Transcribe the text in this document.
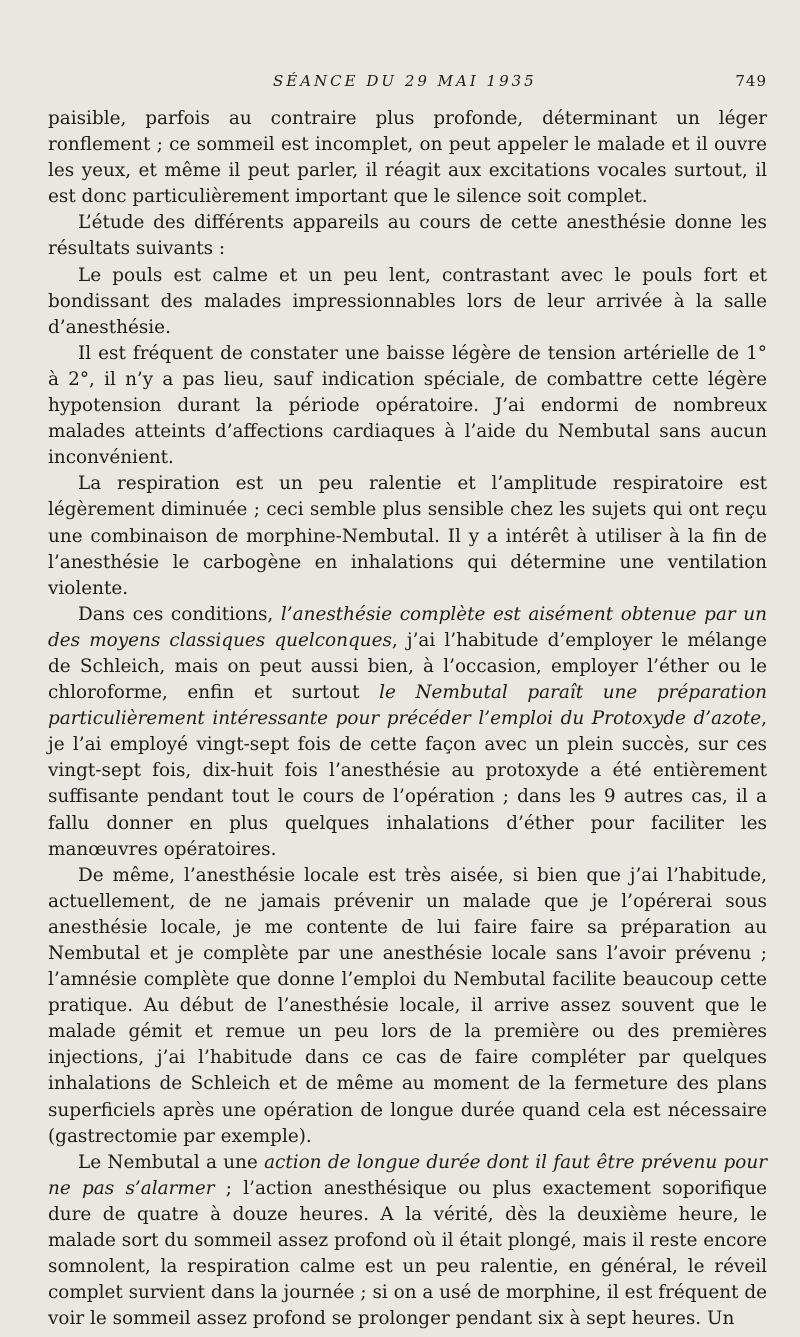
SÉANCE DU 29 MAI 1935	749

paisible, parfois au contraire plus profonde, déterminant un léger ronflement ; ce sommeil est incomplet, on peut appeler le malade et il ouvre les yeux, et même il peut parler, il réagit aux excitations vocales surtout, il est donc particulièrement important que le silence soit complet.

L’étude des différents appareils au cours de cette anesthésie donne les résultats suivants :

Le pouls est calme et un peu lent, contrastant avec le pouls fort et bondissant des malades impressionnables lors de leur arrivée à la salle d’anesthésie.

Il est fréquent de constater une baisse légère de tension artérielle de 1° à 2°, il n’y a pas lieu, sauf indication spéciale, de combattre cette légère hypotension durant la période opératoire. J’ai endormi de nombreux malades atteints d’affections cardiaques à l’aide du Nembutal sans aucun inconvénient.

La respiration est un peu ralentie et l’amplitude respiratoire est légèrement diminuée ; ceci semble plus sensible chez les sujets qui ont reçu une combinaison de morphine-Nembutal. Il y a intérêt à utiliser à la fin de l’anesthésie le carbogène en inhalations qui détermine une ventilation violente.

Dans ces conditions, l’anesthésie complète est aisément obtenue par un des moyens classiques quelconques, j’ai l’habitude d’employer le mélange de Schleich, mais on peut aussi bien, à l’occasion, employer l’éther ou le chloroforme, enfin et surtout le Nembutal paraît une préparation particulièrement intéressante pour précéder l’emploi du Protoxyde d’azote, je l’ai employé vingt-sept fois de cette façon avec un plein succès, sur ces vingt-sept fois, dix-huit fois l’anesthésie au protoxyde a été entièrement suffisante pendant tout le cours de l’opération ; dans les 9 autres cas, il a fallu donner en plus quelques inhalations d’éther pour faciliter les manœuvres opératoires.

De même, l’anesthésie locale est très aisée, si bien que j’ai l’habitude, actuellement, de ne jamais prévenir un malade que je l’opérerai sous anesthésie locale, je me contente de lui faire faire sa préparation au Nembutal et je complète par une anesthésie locale sans l’avoir prévenu ; l’amnésie complète que donne l’emploi du Nembutal facilite beaucoup cette pratique. Au début de l’anesthésie locale, il arrive assez souvent que le malade gémit et remue un peu lors de la première ou des premières injections, j’ai l’habitude dans ce cas de faire compléter par quelques inhalations de Schleich et de même au moment de la fermeture des plans superficiels après une opération de longue durée quand cela est nécessaire (gastrectomie par exemple).

Le Nembutal a une action de longue durée dont il faut être prévenu pour ne pas s’alarmer ; l’action anesthésique ou plus exactement soporifique dure de quatre à douze heures. A la vérité, dès la deuxième heure, le malade sort du sommeil assez profond où il était plongé, mais il reste encore somnolent, la respiration calme est un peu ralentie, en général, le réveil complet survient dans la journée ; si on a usé de morphine, il est fréquent de voir le sommeil assez profond se prolonger pendant six à sept heures. Un
